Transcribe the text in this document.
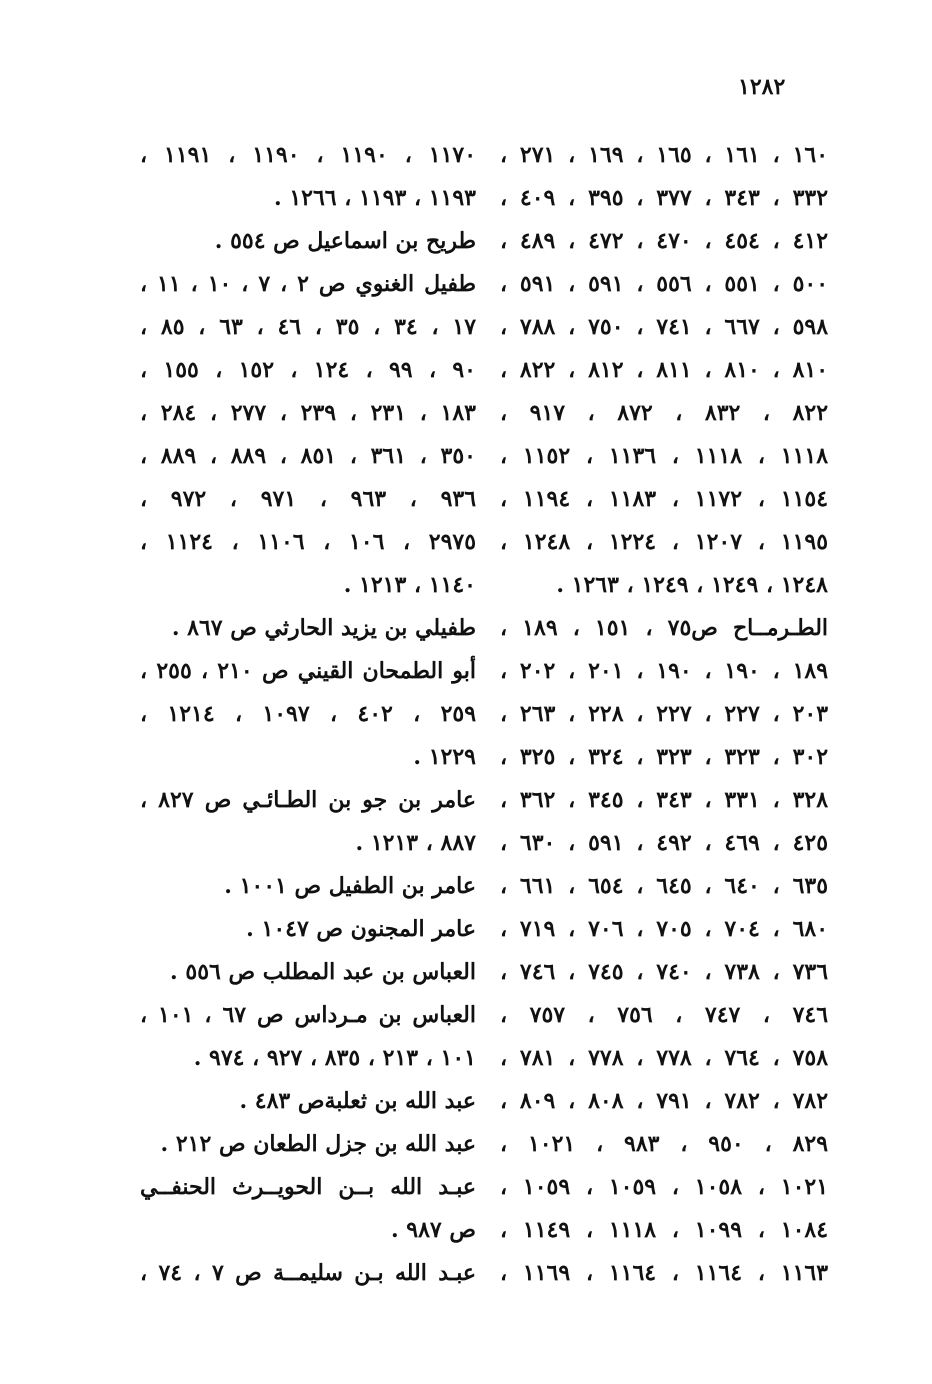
١٢٨٢
١٦٠ ، ١٦١ ، ١٦٥ ، ١٦٩ ، ٢٧١ ،
٣٣٢ ، ٣٤٣ ، ٣٧٧ ، ٣٩٥ ، ٤٠٩ ،
٤١٢ ، ٤٥٤ ، ٤٧٠ ، ٤٧٢ ، ٤٨٩ ،
٥٠٠ ، ٥٥١ ، ٥٥٦ ، ٥٩١ ، ٥٩١ ،
٥٩٨ ، ٦٦٧ ، ٧٤١ ، ٧٥٠ ، ٧٨٨ ،
٨١٠ ، ٨١٠ ، ٨١١ ، ٨١٢ ، ٨٢٢ ،
٨٢٢ ، ٨٣٢ ، ٨٧٢ ، ٩١٧ ،
١١١٨ ، ١١١٨ ، ١١٣٦ ، ١١٥٢ ،
١١٥٤ ، ١١٧٢ ، ١١٨٣ ، ١١٩٤ ،
١١٩٥ ، ١٢٠٧ ، ١٢٢٤ ، ١٢٤٨ ،
١٢٤٨ ، ١٢٤٩ ، ١٢٤٩ ، ١٢٦٣ .
الطـرمــاح ص٧٥ ، ١٥١ ، ١٨٩ ،
١٨٩ ، ١٩٠ ، ١٩٠ ، ٢٠١ ، ٢٠٢ ،
٢٠٣ ، ٢٢٧ ، ٢٢٧ ، ٢٢٨ ، ٢٦٣ ،
٣٠٢ ، ٣٢٣ ، ٣٢٣ ، ٣٢٤ ، ٣٢٥ ،
٣٢٨ ، ٣٣١ ، ٣٤٣ ، ٣٤٥ ، ٣٦٢ ،
٤٢٥ ، ٤٦٩ ، ٤٩٢ ، ٥٩١ ، ٦٣٠ ،
٦٣٥ ، ٦٤٠ ، ٦٤٥ ، ٦٥٤ ، ٦٦١ ،
٦٨٠ ، ٧٠٤ ، ٧٠٥ ، ٧٠٦ ، ٧١٩ ،
٧٣٦ ، ٧٣٨ ، ٧٤٠ ، ٧٤٥ ، ٧٤٦ ،
٧٤٦ ، ٧٤٧ ، ٧٥٦ ، ٧٥٧ ،
٧٥٨ ، ٧٦٤ ، ٧٧٨ ، ٧٧٨ ، ٧٨١ ،
٧٨٢ ، ٧٨٢ ، ٧٩١ ، ٨٠٨ ، ٨٠٩ ،
٨٢٩ ، ٩٥٠ ، ٩٨٣ ، ١٠٢١ ،
١٠٢١ ، ١٠٥٨ ، ١٠٥٩ ، ١٠٥٩ ،
١٠٨٤ ، ١٠٩٩ ، ١١١٨ ، ١١٤٩ ،
١١٦٣ ، ١١٦٤ ، ١١٦٤ ، ١١٦٩ ،
١١٧٠ ، ١١٩٠ ، ١١٩٠ ، ١١٩١ ،
١١٩٣ ، ١١٩٣ ، ١٢٦٦ .
طريح بن اسماعيل ص ٥٥٤ .
طفيل الغنوي ص ٢ ، ٧ ، ١٠ ، ١١ ،
١٧ ، ٣٤ ، ٣٥ ، ٤٦ ، ٦٣ ، ٨٥ ،
٩٠ ، ٩٩ ، ١٢٤ ، ١٥٢ ، ١٥٥ ،
١٨٣ ، ٢٣١ ، ٢٣٩ ، ٢٧٧ ، ٢٨٤ ،
٣٥٠ ، ٣٦١ ، ٨٥١ ، ٨٨٩ ، ٨٨٩ ،
٩٣٦ ، ٩٦٣ ، ٩٧١ ، ٩٧٢ ،
٢٩٧٥ ، ١٠٦ ، ١١٠٦ ، ١١٢٤ ،
١١٤٠ ، ١٢١٣ .
طفيلي بن يزيد الحارثي ص ٨٦٧ .
أبو الطمحان القيني ص ٢١٠ ، ٢٥٥ ،
٢٥٩ ، ٤٠٢ ، ١٠٩٧ ، ١٢١٤ ،
١٢٢٩ .
عامر بن جو بن الطـائـي ص ٨٢٧ ،
٨٨٧ ، ١٢١٣ .
عامر بن الطفيل ص ١٠٠١ .
عامر المجنون ص ١٠٤٧ .
العباس بن عبد المطلب ص ٥٥٦ .
العباس بن مـرداس ص ٦٧ ، ١٠١ ،
١٠١ ، ٢١٣ ، ٨٣٥ ، ٩٢٧ ، ٩٧٤ .
عبد الله بن ثعلبةص ٤٨٣ .
عبد الله بن جزل الطعان ص ٢١٢ .
عبـد الله بــن الحويــرث الحنفــي
ص ٩٨٧ .
عبـد الله بـن سليمــة ص ٧ ، ٧٤ ،
